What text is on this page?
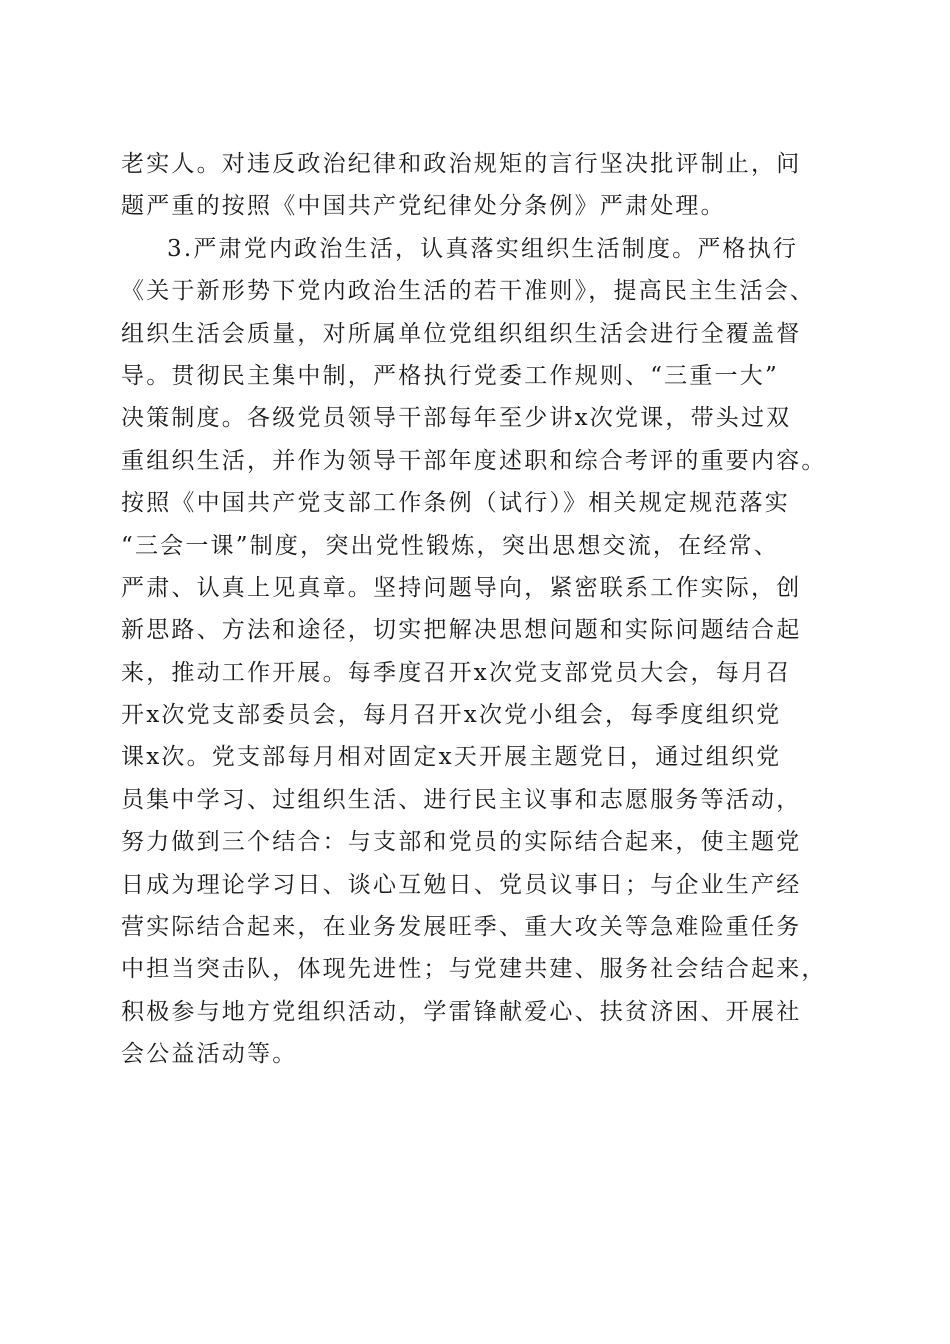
老实人。对违反政治纪律和政治规矩的言行坚决批评制止，问
题严重的按照《中国共产党纪律处分条例》严肃处理。
3.严肃党内政治生活，认真落实组织生活制度。严格执行
《关于新形势下党内政治生活的若干准则》，提高民主生活会、
组织生活会质量，对所属单位党组织组织生活会进行全覆盖督
导。贯彻民主集中制，严格执行党委工作规则、“三重一大”
决策制度。各级党员领导干部每年至少讲x次党课，带头过双
重组织生活，并作为领导干部年度述职和综合考评的重要内容。
按照《中国共产党支部工作条例（试行）》相关规定规范落实
“三会一课”制度，突出党性锻炼，突出思想交流，在经常、
严肃、认真上见真章。坚持问题导向，紧密联系工作实际，创
新思路、方法和途径，切实把解决思想问题和实际问题结合起
来，推动工作开展。每季度召开x次党支部党员大会，每月召
开x次党支部委员会，每月召开x次党小组会，每季度组织党
课x次。党支部每月相对固定x天开展主题党日，通过组织党
员集中学习、过组织生活、进行民主议事和志愿服务等活动，
努力做到三个结合：与支部和党员的实际结合起来，使主题党
日成为理论学习日、谈心互勉日、党员议事日；与企业生产经
营实际结合起来，在业务发展旺季、重大攻关等急难险重任务
中担当突击队，体现先进性；与党建共建、服务社会结合起来，
积极参与地方党组织活动，学雷锋献爱心、扶贫济困、开展社
会公益活动等。
